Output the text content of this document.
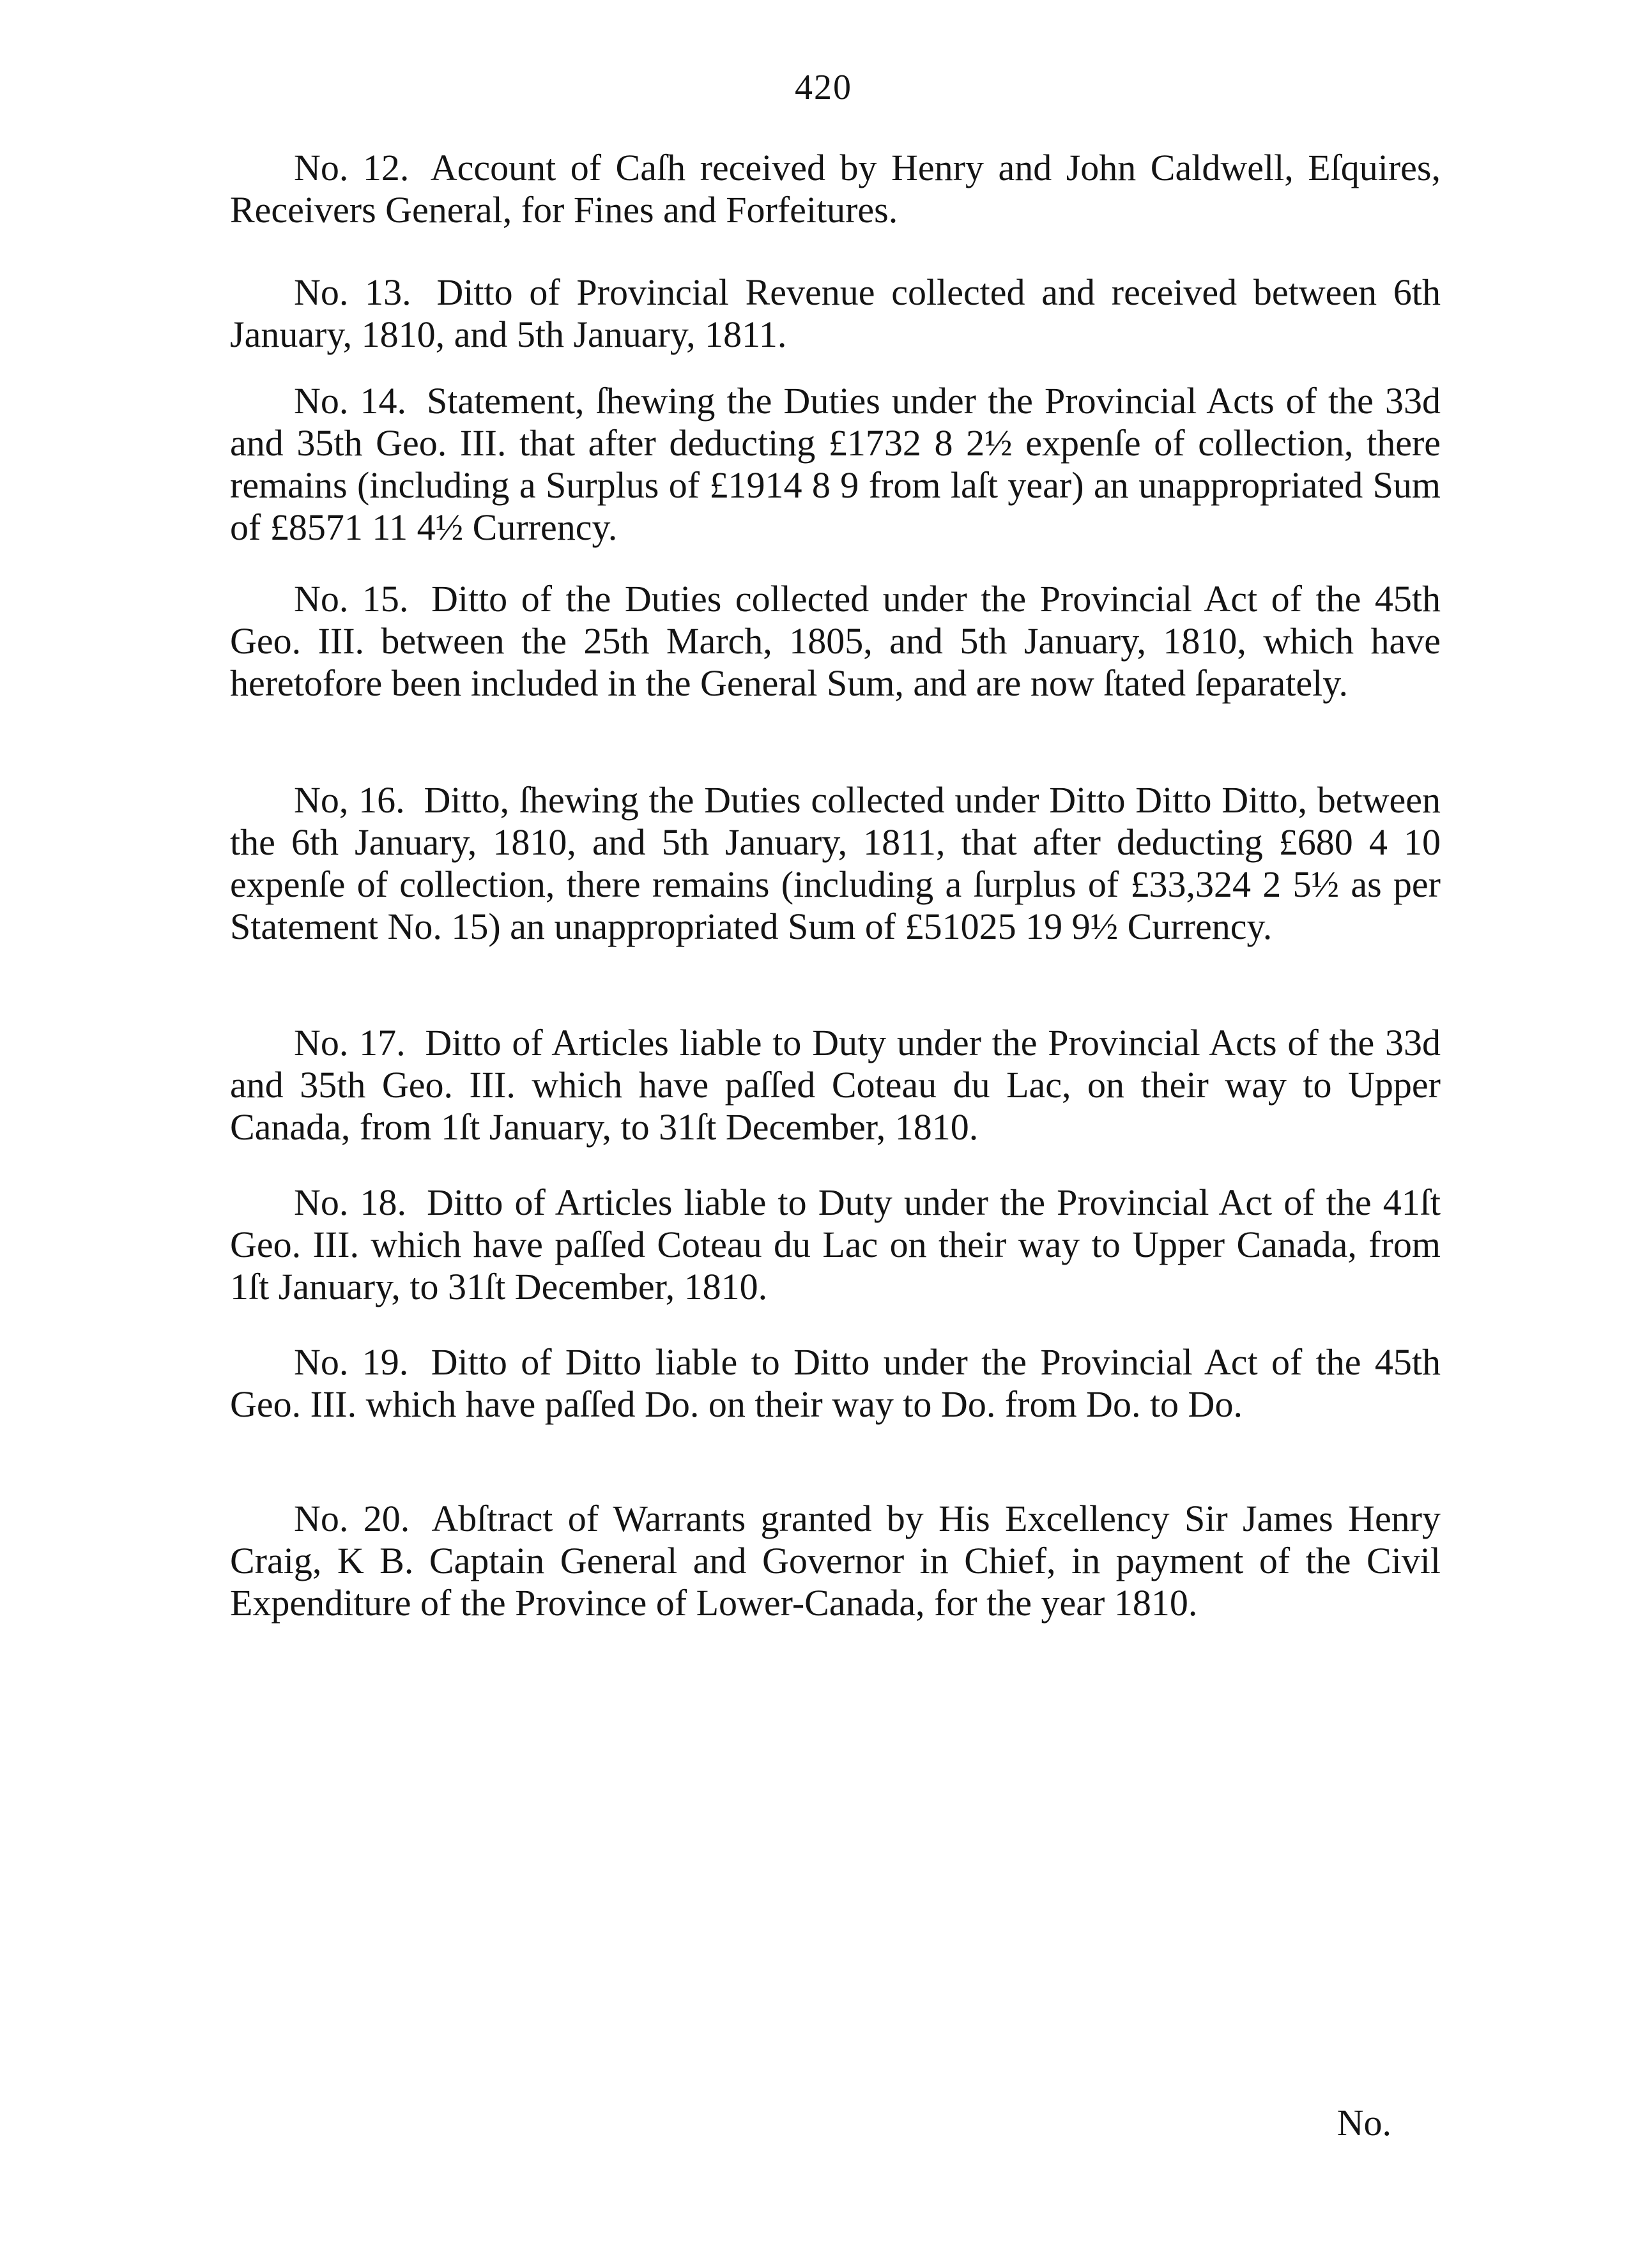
420

No. 12. Account of Caſh received by Henry and John Caldwell, Eſquires, Receivers General, for Fines and Forfeitures.

No. 13. Ditto of Provincial Revenue collected and received between 6th January, 1810, and 5th January, 1811.

No. 14. Statement, ſhewing the Duties under the Provincial Acts of the 33d and 35th Geo. III. that after deducting £1732 8 2½ expenſe of collection, there remains (including a Surplus of £1914 8 9 from laſt year) an unappropriated Sum of £8571 11 4½ Currency.

No. 15. Ditto of the Duties collected under the Provincial Act of the 45th Geo. III. between the 25th March, 1805, and 5th January, 1810, which have heretofore been included in the General Sum, and are now ſtated ſeparately.

No, 16. Ditto, ſhewing the Duties collected under Ditto Ditto Ditto, between the 6th January, 1810, and 5th January, 1811, that after deducting £680 4 10 expenſe of collection, there remains (including a ſurplus of £33,324 2 5½ as per Statement No. 15) an unappropriated Sum of £51025 19 9½ Currency.

No. 17. Ditto of Articles liable to Duty under the Provincial Acts of the 33d and 35th Geo. III. which have paſſed Coteau du Lac, on their way to Upper Canada, from 1ſt January, to 31ſt December, 1810.

No. 18. Ditto of Articles liable to Duty under the Provincial Act of the 41ſt Geo. III. which have paſſed Coteau du Lac on their way to Upper Canada, from 1ſt January, to 31ſt December, 1810.

No. 19. Ditto of Ditto liable to Ditto under the Provincial Act of the 45th Geo. III. which have paſſed Do. on their way to Do. from Do. to Do.

No. 20. Abſtract of Warrants granted by His Excellency Sir James Henry Craig, K B. Captain General and Governor in Chief, in payment of the Civil Expenditure of the Province of Lower-Canada, for the year 1810.

No.
